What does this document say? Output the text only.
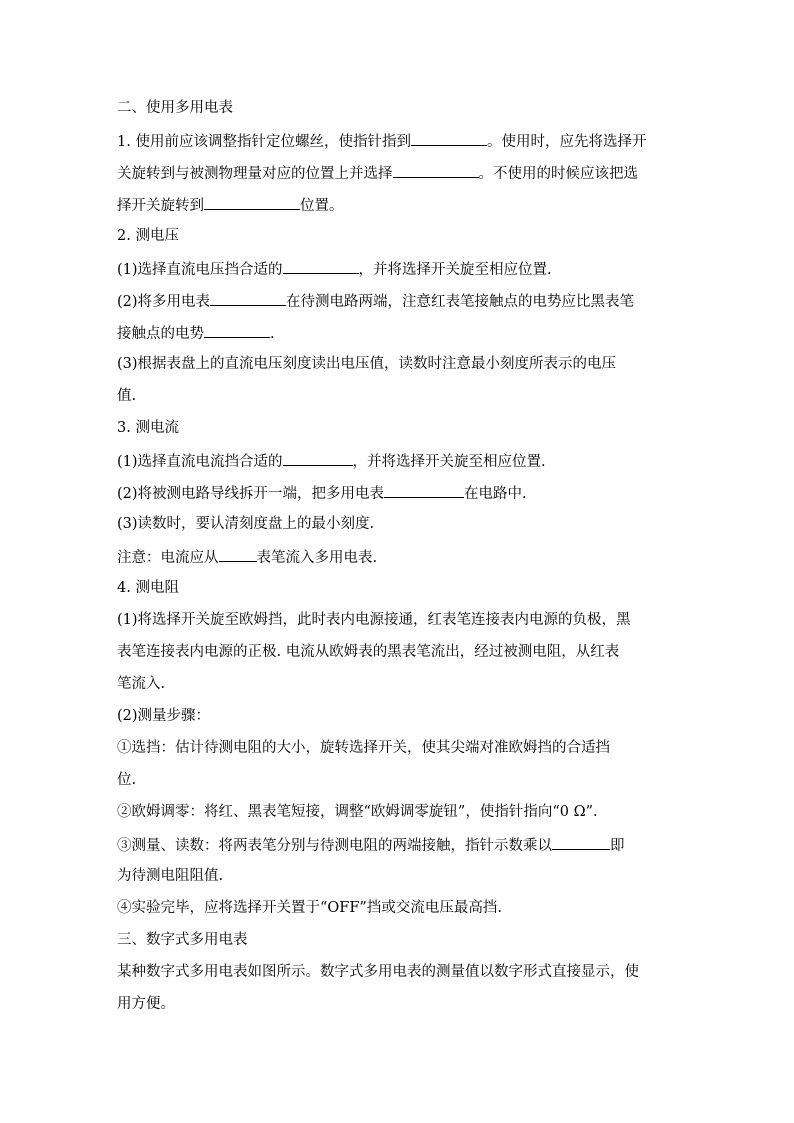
二、使用多用电表
1. 使用前应该调整指针定位螺丝，使指针指到	。使用时，应先将选择开
关旋转到与被测物理量对应的位置上并选择	。不使用的时候应该把选
择开关旋转到	位置。
2. 测电压
(1)选择直流电压挡合适的	，并将选择开关旋至相应位置.
(2)将多用电表	在待测电路两端，注意红表笔接触点的电势应比黑表笔
接触点的电势	.
(3)根据表盘上的直流电压刻度读出电压值，读数时注意最小刻度所表示的电压
值.
3. 测电流
(1)选择直流电流挡合适的	，并将选择开关旋至相应位置.
(2)将被测电路导线拆开一端，把多用电表	在电路中.
(3)读数时，要认清刻度盘上的最小刻度.
注意：电流应从	表笔流入多用电表.
4. 测电阻
(1)将选择开关旋至欧姆挡，此时表内电源接通，红表笔连接表内电源的负极，黑
表笔连接表内电源的正极. 电流从欧姆表的黑表笔流出，经过被测电阻，从红表
笔流入.
(2)测量步骤：
①选挡：估计待测电阻的大小，旋转选择开关，使其尖端对准欧姆挡的合适挡
位.
②欧姆调零：将红、黑表笔短接，调整“欧姆调零旋钮”，使指针指向“0 Ω”.
③测量、读数：将两表笔分别与待测电阻的两端接触，指针示数乘以	即
为待测电阻阻值.
④实验完毕，应将选择开关置于“OFF”挡或交流电压最高挡.
三、数字式多用电表
某种数字式多用电表如图所示。数字式多用电表的测量值以数字形式直接显示，使
用方便。
